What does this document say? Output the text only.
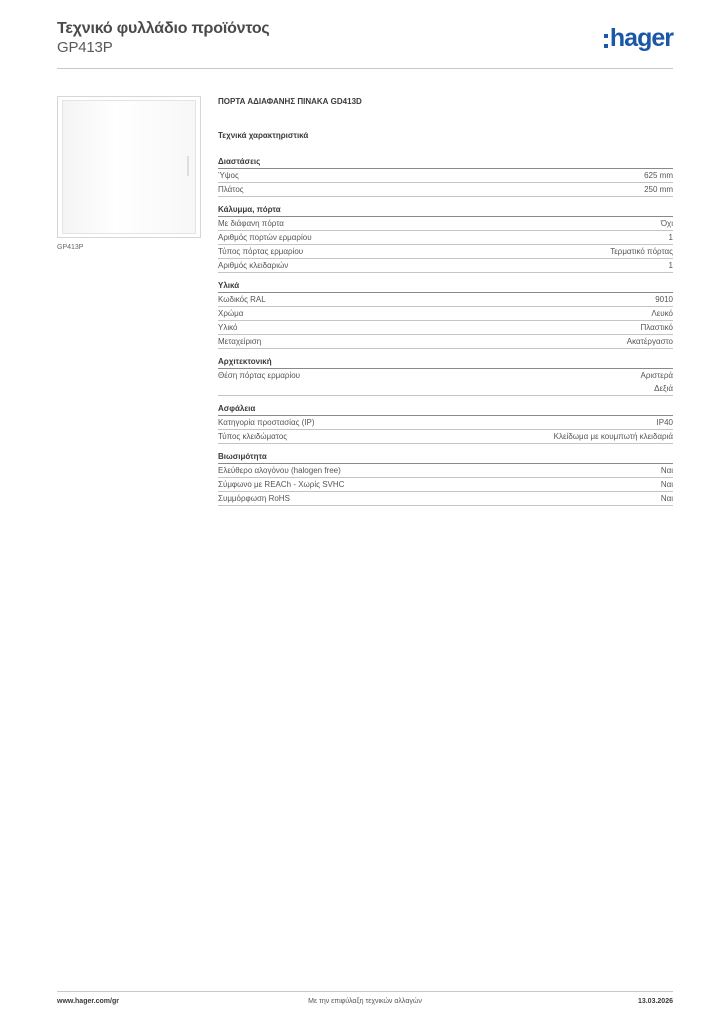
Τεχνικό φυλλάδιο προϊόντος
GP413P	hager
GP413P
ΠΟΡΤΑ ΑΔΙΑΦΑΝΗΣ ΠΙΝΑΚΑ GD413D
Τεχνικά χαρακτηριστικά
Διαστάσεις
Ύψος	625 mm
Πλάτος	250 mm
Κάλυμμα, πόρτα
Με διάφανη πόρτα	Όχι
Αριθμός πορτών ερμαρίου	1
Τύπος πόρτας ερμαρίου	Τερματικό πόρτας
Αριθμός κλειδαριών	1
Υλικά
Κωδικός RAL	9010
Χρώμα	Λευκό
Υλικό	Πλαστικό
Μεταχείριση	Ακατέργαστο
Αρχιτεκτονική
Θέση πόρτας ερμαρίου	Αριστερά
Δεξιά
Ασφάλεια
Κατηγορία προστασίας (IP)	IP40
Τύπος κλειδώματος	Κλείδωμα με κουμπωτή κλειδαριά
Βιωσιμότητα
Ελεύθερο αλογόνου (halogen free)	Ναι
Σύμφωνο με REACh - Χωρίς SVHC	Ναι
Συμμόρφωση RoHS	Ναι
Με την επιφύλαξη τεχνικών αλλαγών
www.hager.com/gr	13.03.2026
